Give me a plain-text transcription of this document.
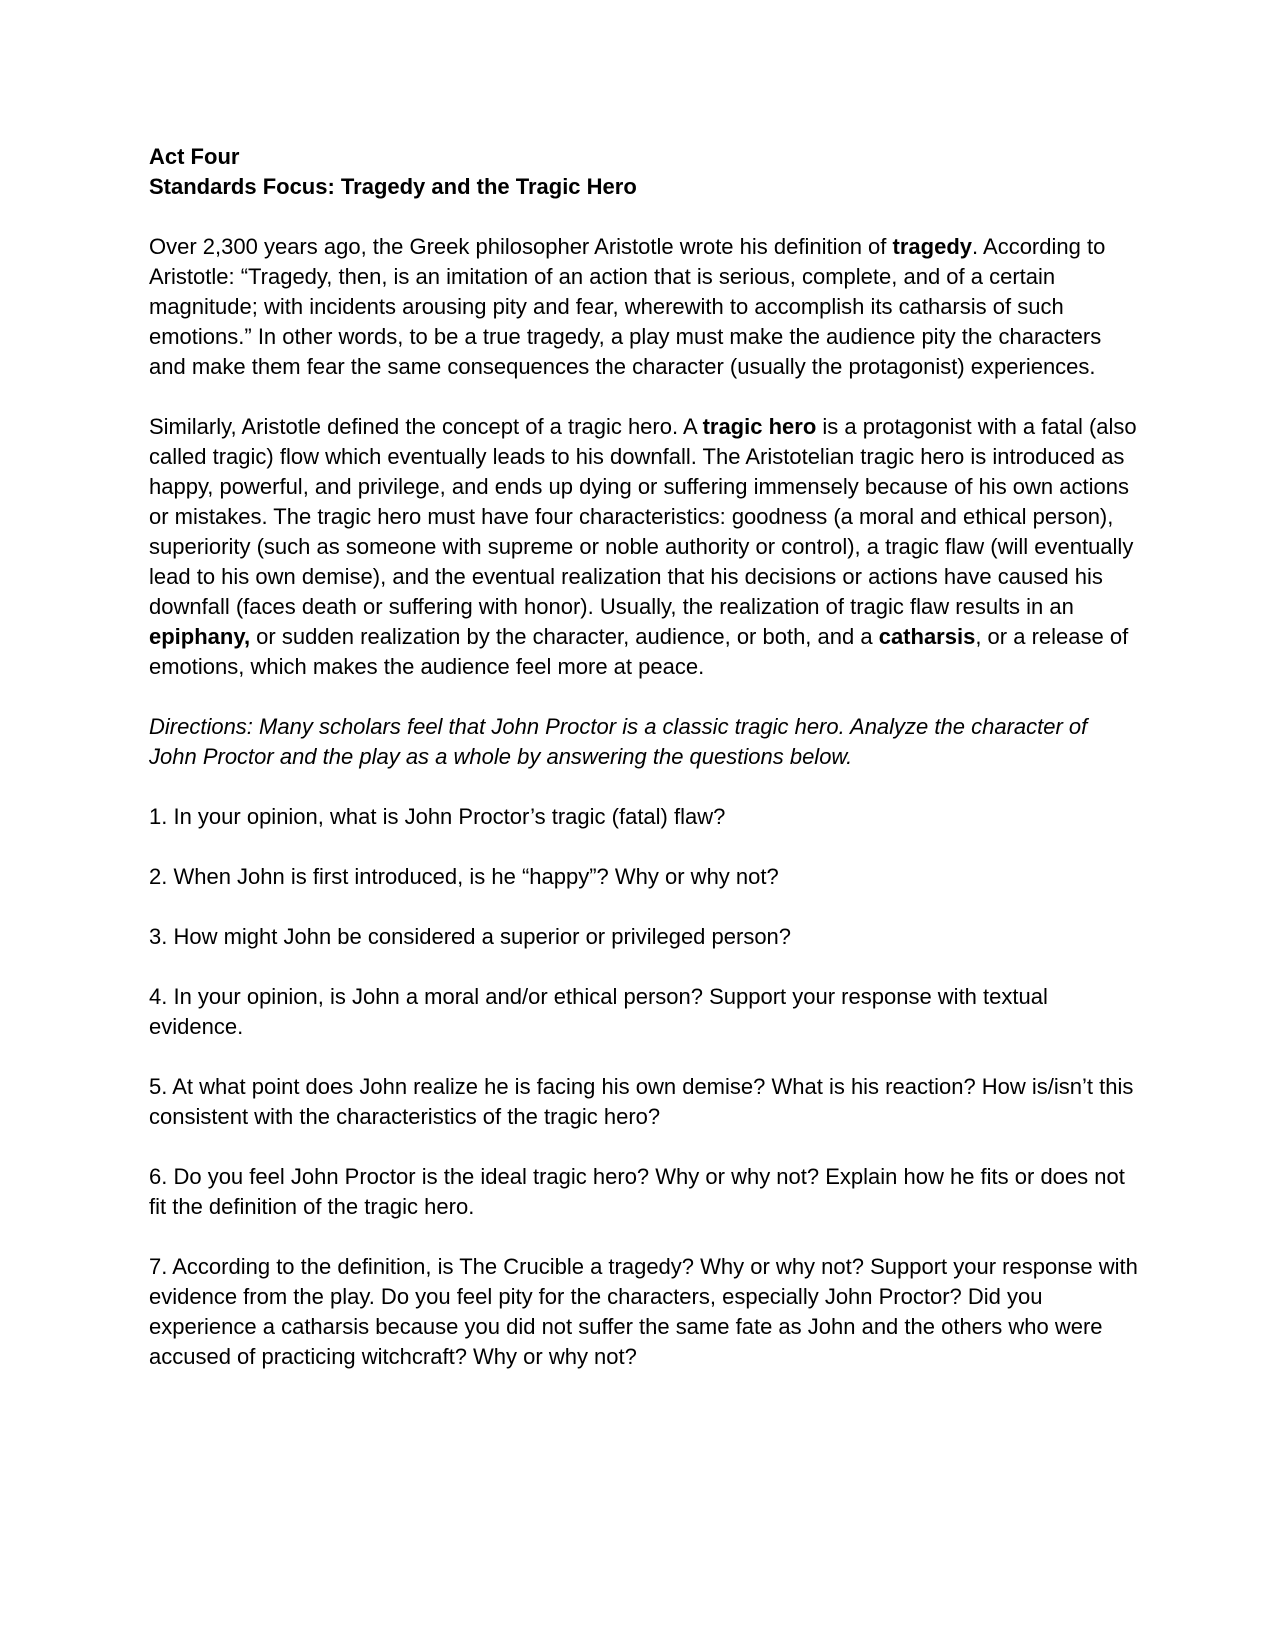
Act Four

Standards Focus: Tragedy and the Tragic Hero

Over 2,300 years ago, the Greek philosopher Aristotle wrote his definition of tragedy. According to Aristotle: “Tragedy, then, is an imitation of an action that is serious, complete, and of a certain magnitude; with incidents arousing pity and fear, wherewith to accomplish its catharsis of such emotions.” In other words, to be a true tragedy, a play must make the audience pity the characters and make them fear the same consequences the character (usually the protagonist) experiences.

Similarly, Aristotle defined the concept of a tragic hero. A tragic hero is a protagonist with a fatal (also called tragic) flow which eventually leads to his downfall. The Aristotelian tragic hero is introduced as happy, powerful, and privilege, and ends up dying or suffering immensely because of his own actions or mistakes. The tragic hero must have four characteristics: goodness (a moral and ethical person), superiority (such as someone with supreme or noble authority or control), a tragic flaw (will eventually lead to his own demise), and the eventual realization that his decisions or actions have caused his downfall (faces death or suffering with honor). Usually, the realization of tragic flaw results in an epiphany, or sudden realization by the character, audience, or both, and a catharsis, or a release of emotions, which makes the audience feel more at peace.

Directions: Many scholars feel that John Proctor is a classic tragic hero. Analyze the character of John Proctor and the play as a whole by answering the questions below.

1. In your opinion, what is John Proctor’s tragic (fatal) flaw?

2. When John is first introduced, is he “happy”? Why or why not?

3. How might John be considered a superior or privileged person?

4. In your opinion, is John a moral and/or ethical person? Support your response with textual evidence.

5. At what point does John realize he is facing his own demise? What is his reaction? How is/isn’t this consistent with the characteristics of the tragic hero?

6. Do you feel John Proctor is the ideal tragic hero? Why or why not? Explain how he fits or does not fit the definition of the tragic hero.

7. According to the definition, is The Crucible a tragedy? Why or why not? Support your response with evidence from the play. Do you feel pity for the characters, especially John Proctor? Did you experience a catharsis because you did not suffer the same fate as John and the others who were accused of practicing witchcraft? Why or why not?
